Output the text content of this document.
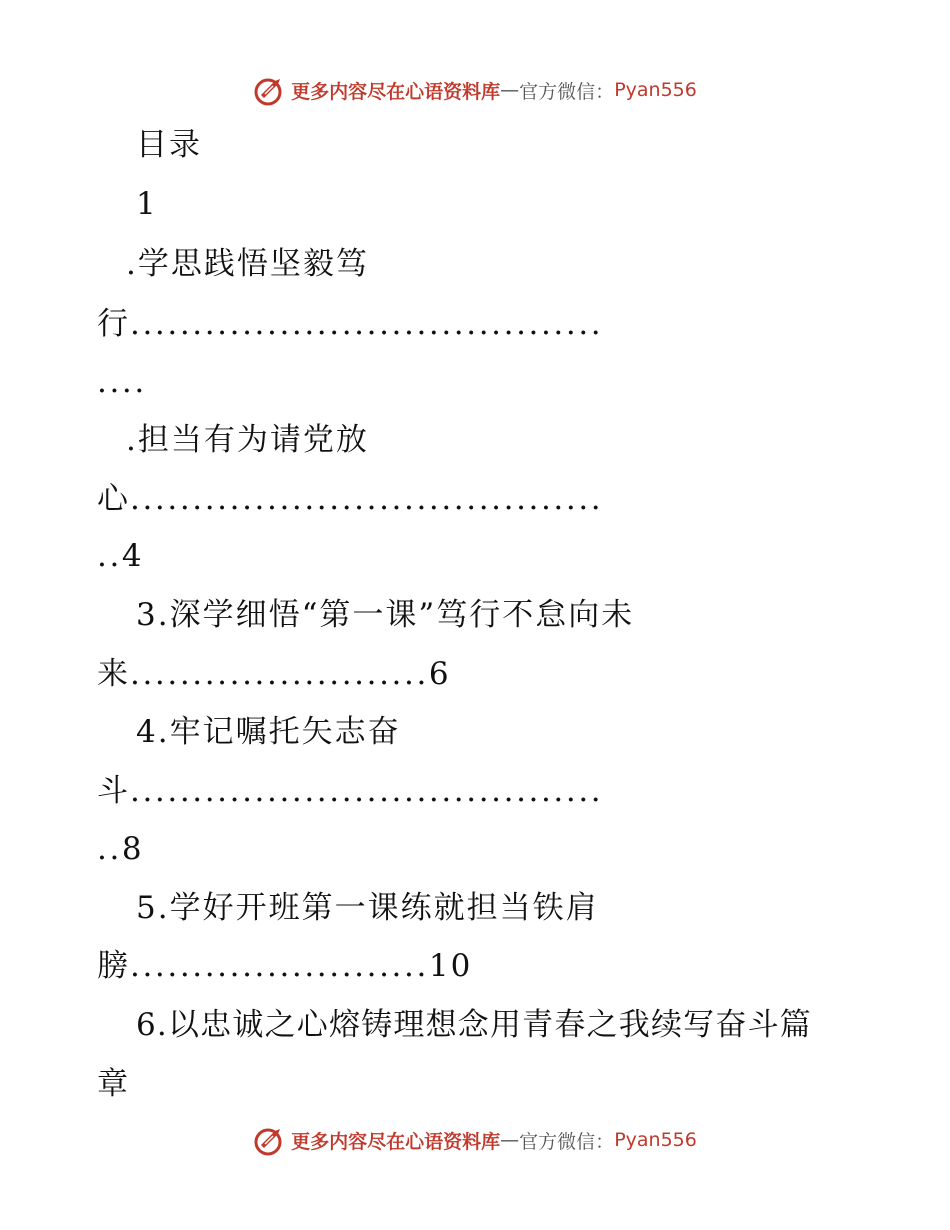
更多内容尽在心语资料库 — 官方微信： Pyan556
目录
1
.学思践悟坚毅笃
行......................................
....
.担当有为请党放
心......................................
..4
3.深学细悟“第一课”笃行不怠向未
来........................6
4.牢记嘱托矢志奋
斗......................................
..8
5.学好开班第一课练就担当铁肩
膀........................10
6.以忠诚之心熔铸理想念用青春之我续写奋斗篇
章
更多内容尽在心语资料库 — 官方微信： Pyan556
